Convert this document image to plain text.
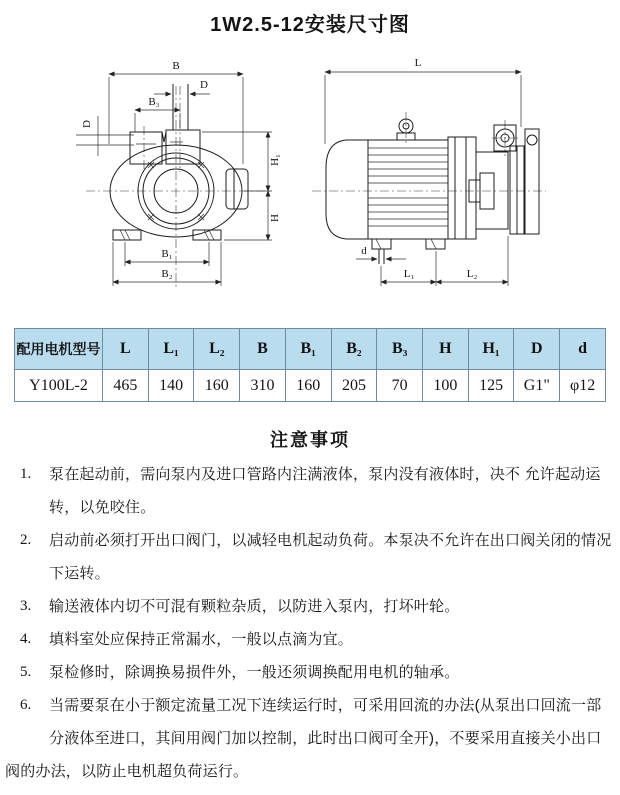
1W2.5-12安装尺寸图
B
D
B₃
D
H₁
H
B₁
B₂
L
d
L₁	L₂
配用电机型号	L	L₁	L₂	B	B₁	B₂	B₃	H	H₁	D	d
Y100L-2	465	140	160	310	160	205	70	100	125	G1"	φ12
注意事项
1.	泵在起动前，需向泵内及进口管路内注满液体，泵内没有液体时，决不 允许起动运
转，以免咬住。
2.	启动前必须打开出口阀门，以减轻电机起动负荷。本泵决不允许在出口阀关闭的情况
下运转。
3.	输送液体内切不可混有颗粒杂质，以防进入泵内，打坏叶轮。
4.	填料室处应保持正常漏水，一般以点滴为宜。
5.	泵检修时，除调换易损件外，一般还须调换配用电机的轴承。
6.	当需要泵在小于额定流量工况下连续运行时，可采用回流的办法(从泵出口回流一部
分液体至进口，其间用阀门加以控制，此时出口阀可全开)，不要采用直接关小出口
阀的办法，以防止电机超负荷运行。
